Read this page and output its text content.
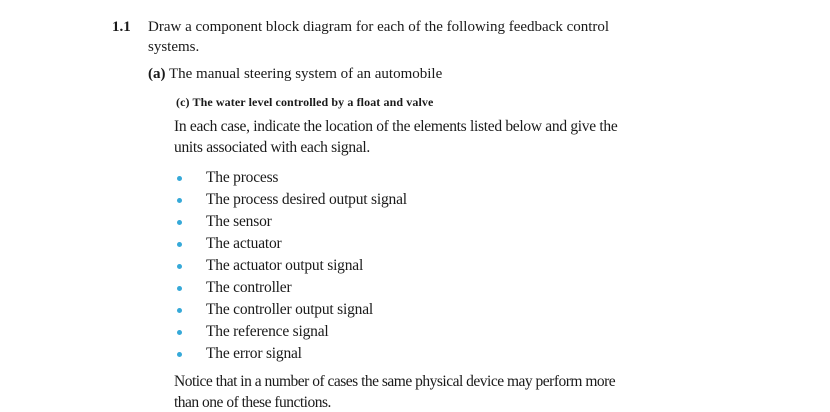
1.1 Draw a component block diagram for each of the following feedback control
systems.
(a) The manual steering system of an automobile
(c) The water level controlled by a float and valve
In each case, indicate the location of the elements listed below and give the
units associated with each signal.
The process
The process desired output signal
The sensor
The actuator
The actuator output signal
The controller
The controller output signal
The reference signal
The error signal
Notice that in a number of cases the same physical device may perform more
than one of these functions.
